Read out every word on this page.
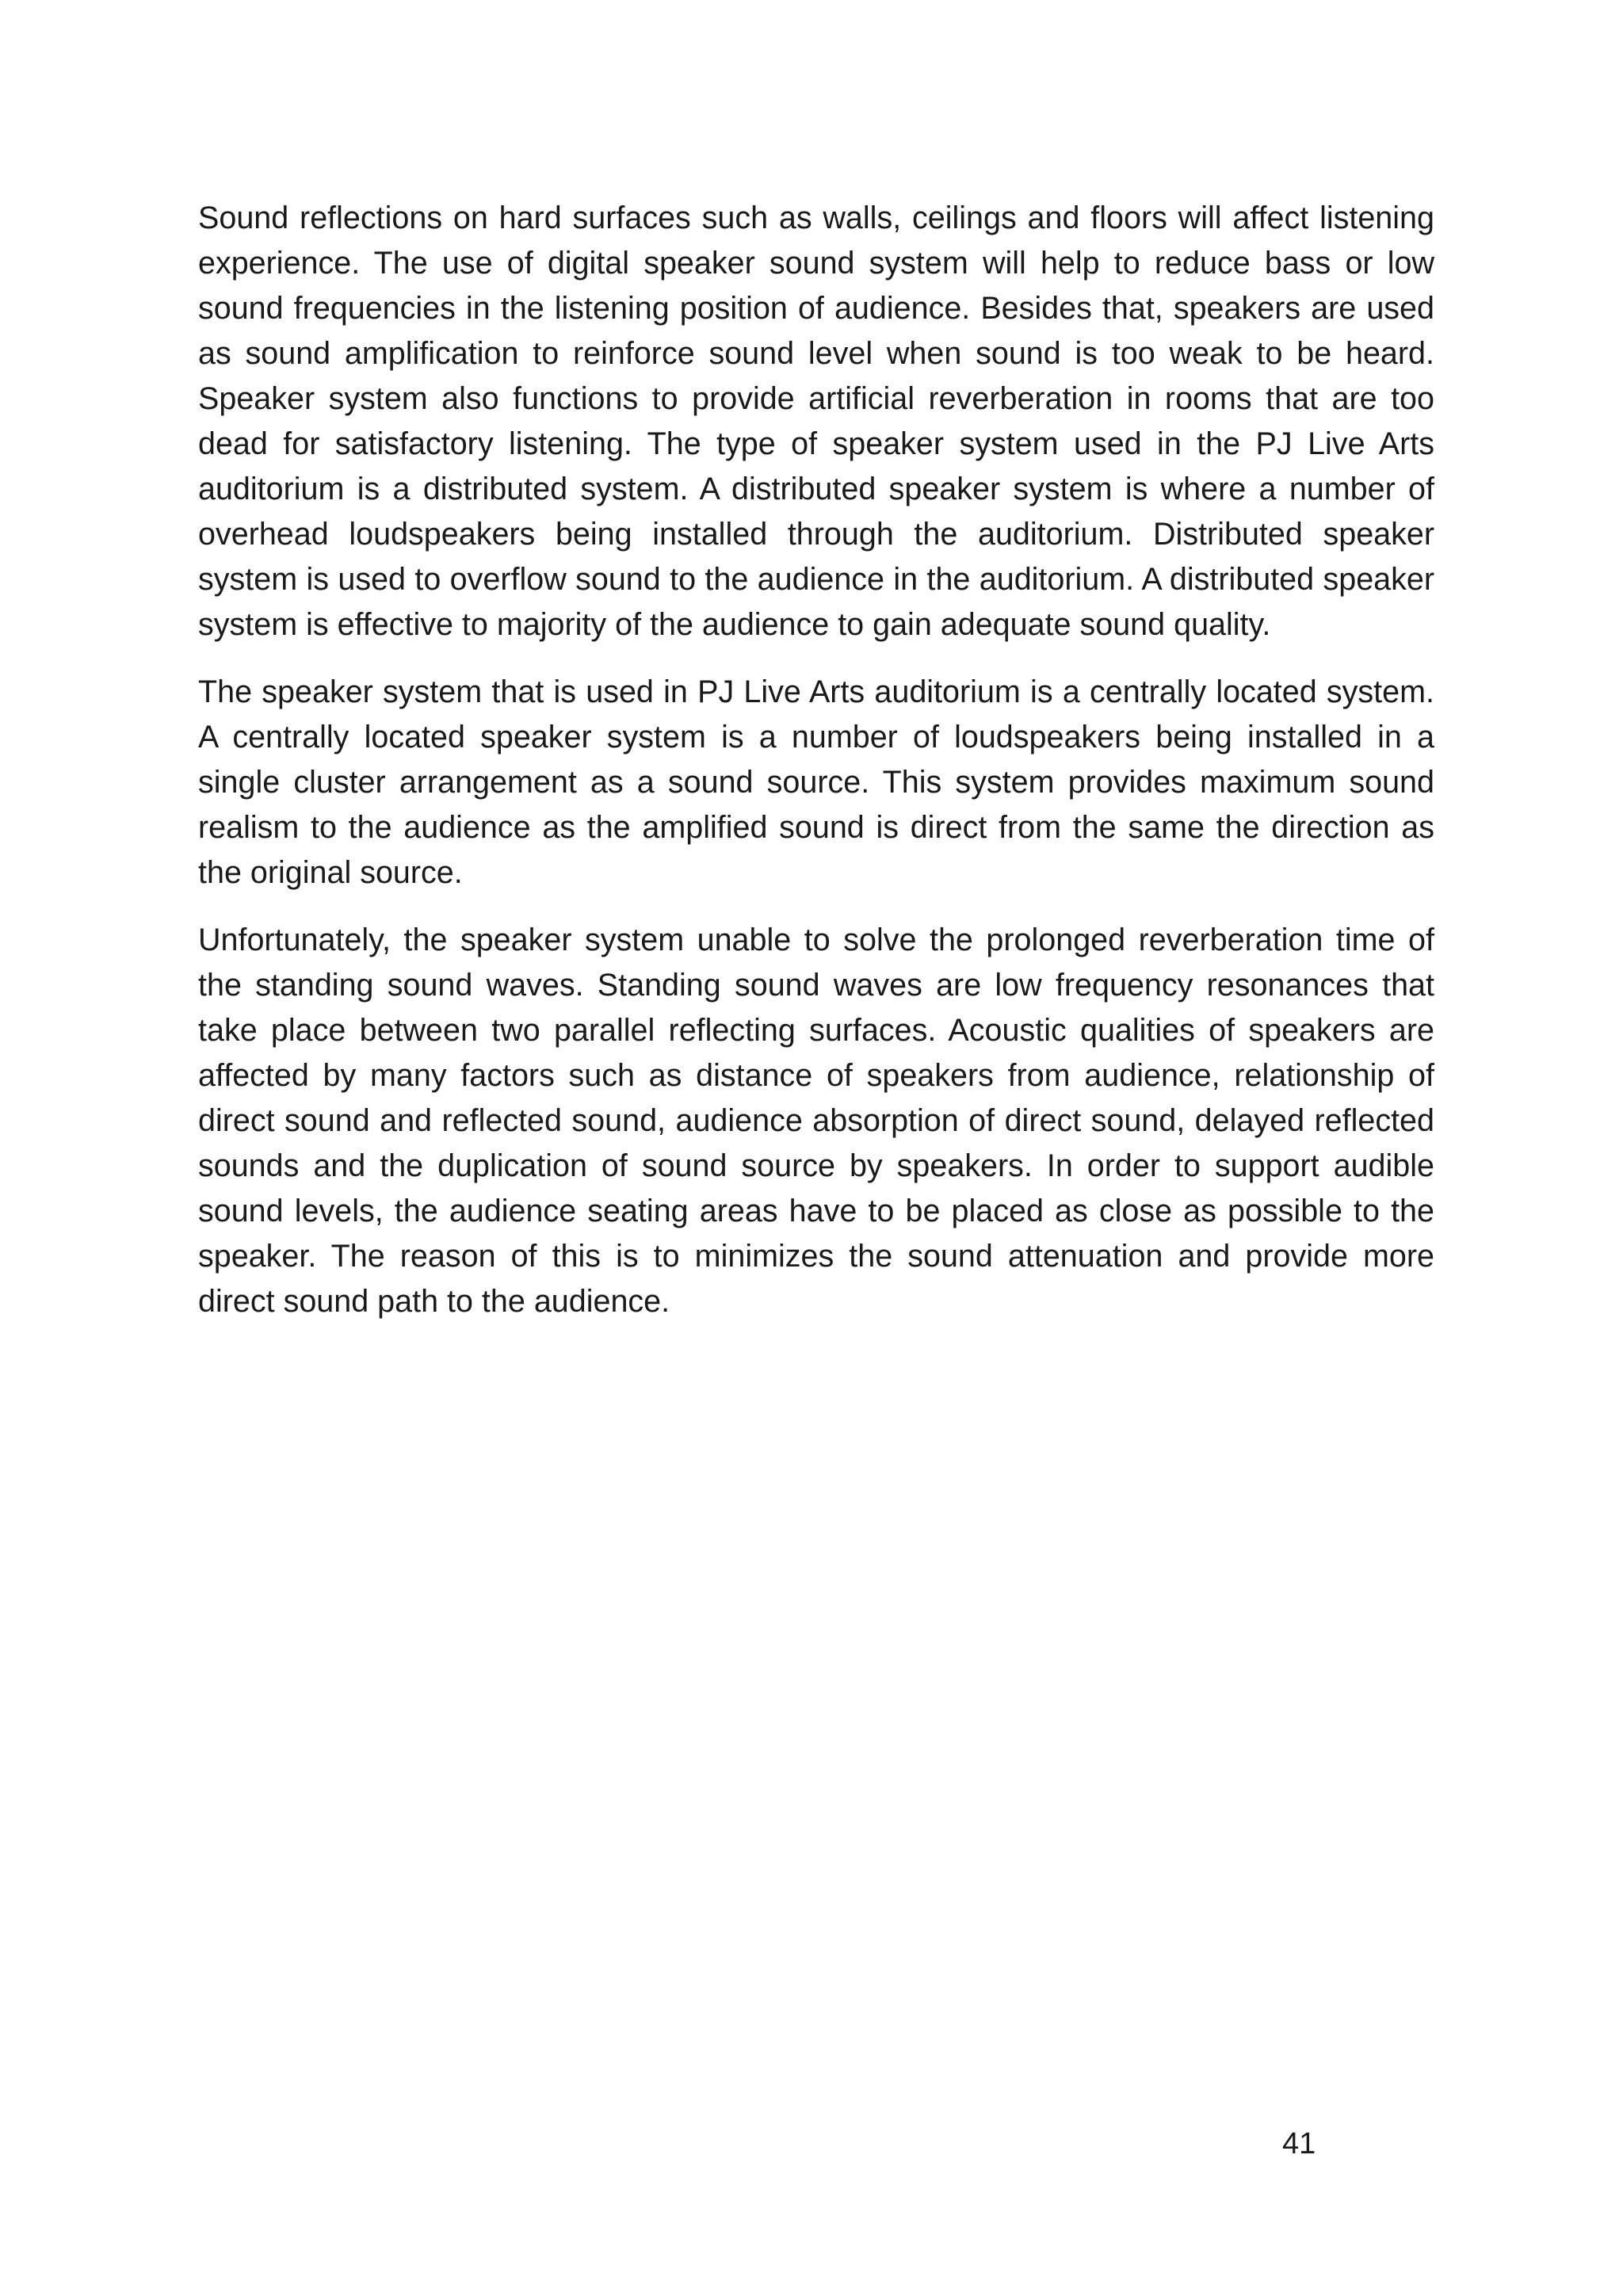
Sound reflections on hard surfaces such as walls, ceilings and floors will affect listening experience. The use of digital speaker sound system will help to reduce bass or low sound frequencies in the listening position of audience. Besides that, speakers are used as sound amplification to reinforce sound level when sound is too weak to be heard. Speaker system also functions to provide artificial reverberation in rooms that are too dead for satisfactory listening. The type of speaker system used in the PJ Live Arts auditorium is a distributed system. A distributed speaker system is where a number of overhead loudspeakers being installed through the auditorium. Distributed speaker system is used to overflow sound to the audience in the auditorium. A distributed speaker system is effective to majority of the audience to gain adequate sound quality.

The speaker system that is used in PJ Live Arts auditorium is a centrally located system. A centrally located speaker system is a number of loudspeakers being installed in a single cluster arrangement as a sound source. This system provides maximum sound realism to the audience as the amplified sound is direct from the same the direction as the original source.

Unfortunately, the speaker system unable to solve the prolonged reverberation time of the standing sound waves. Standing sound waves are low frequency resonances that take place between two parallel reflecting surfaces. Acoustic qualities of speakers are affected by many factors such as distance of speakers from audience, relationship of direct sound and reflected sound, audience absorption of direct sound, delayed reflected sounds and the duplication of sound source by speakers. In order to support audible sound levels, the audience seating areas have to be placed as close as possible to the speaker. The reason of this is to minimizes the sound attenuation and provide more direct sound path to the audience.

41
